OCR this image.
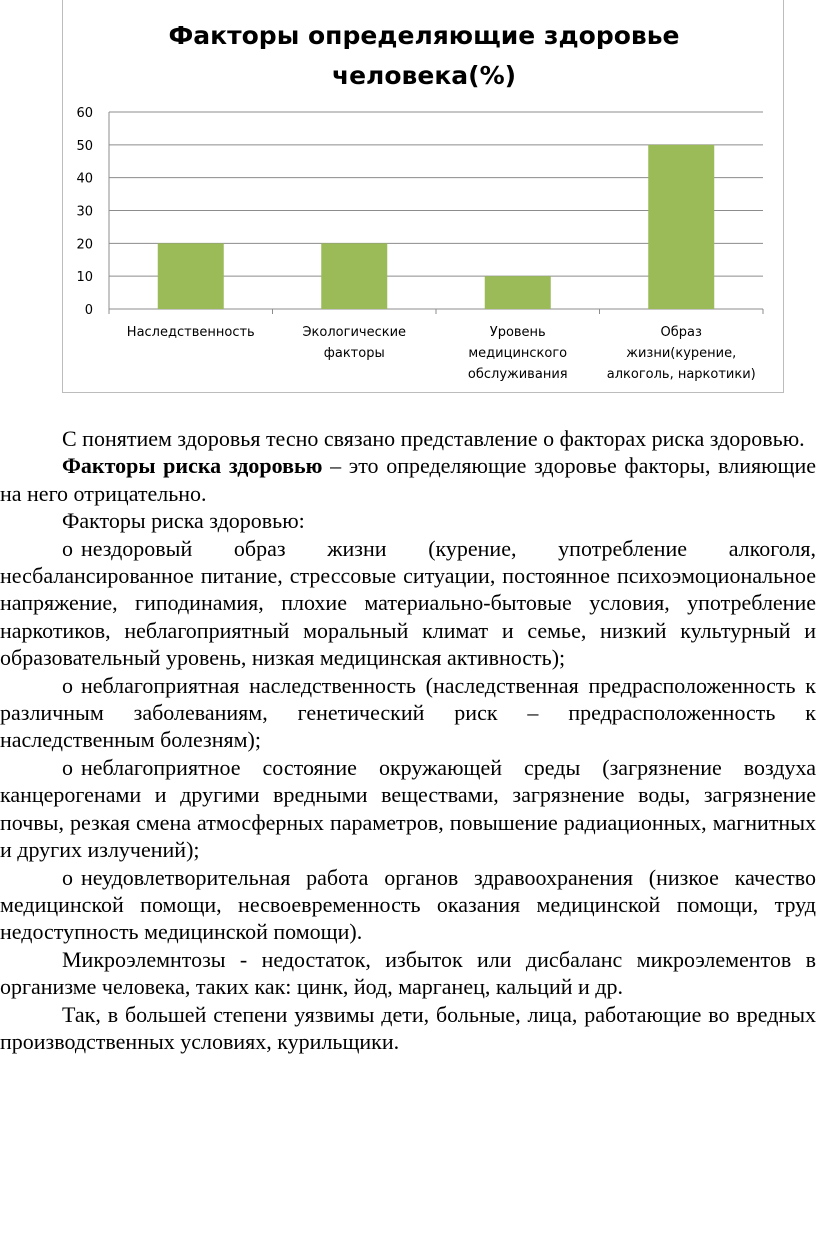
Факторы определяющие здоровье
человека(%)
0
10
20
30
40
50
60
Наследственность	Экологические
факторы
Уровень
медицинского
обслуживания
Образ
жизни(курение,
алкоголь, наркотики)

С понятием здоровья тесно связано представление о факторах риска здоровью.

Факторы риска здоровью – это определяющие здоровье факторы, влияющие на него отрицательно.

Факторы риска здоровью:

o нездоровый образ жизни (курение, употребление алкоголя, несбалансированное питание, стрессовые ситуации, постоянное психоэмоциональное напряжение, гиподинамия, плохие материально-бытовые условия, употребление наркотиков, неблагоприятный моральный климат и семье, низкий культурный и образовательный уровень, низкая медицинская активность);

o неблагоприятная наследственность (наследственная предрасположенность к различным заболеваниям, генетический риск – предрасположенность к наследственным болезням);

o неблагоприятное состояние окружающей среды (загрязнение воздуха канцерогенами и другими вредными веществами, загрязнение воды, загрязнение почвы, резкая смена атмосферных параметров, повышение радиационных, магнитных и других излучений);

o неудовлетворительная работа органов здравоохранения (низкое качество медицинской помощи, несвоевременность оказания медицинской помощи, труд недоступность медицинской помощи).

Микроэлемнтозы - недостаток, избыток или дисбаланс микроэлементов в организме человека, таких как: цинк, йод, марганец, кальций и др.

Так, в большей степени уязвимы дети, больные, лица, работающие во вредных производственных условиях, курильщики.
